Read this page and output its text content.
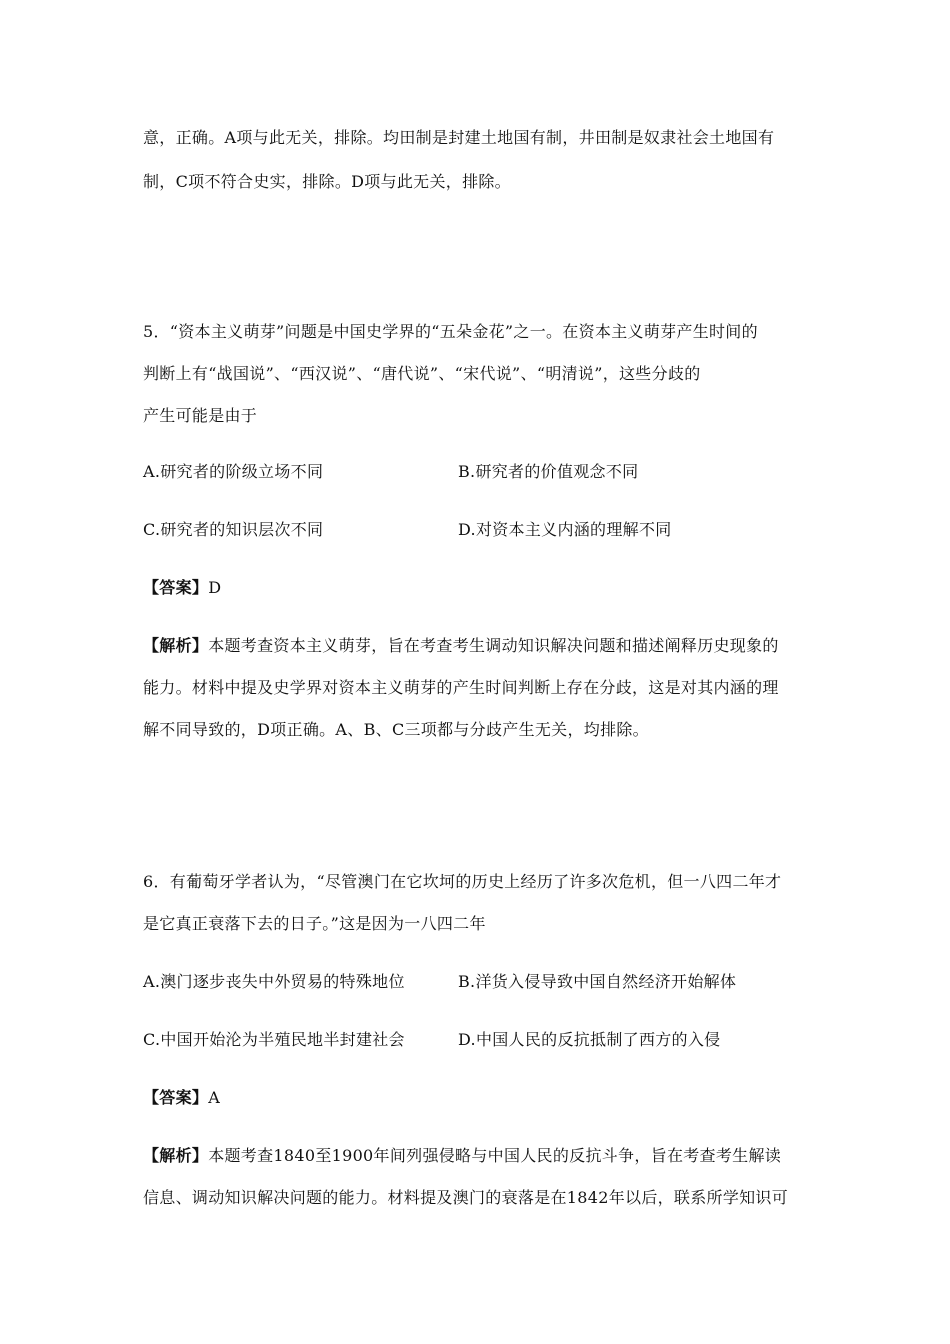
意，正确。A项与此无关，排除。均田制是封建土地国有制，井田制是奴隶社会土地国有
制，C项不符合史实，排除。D项与此无关，排除。
5．“资本主义萌芽”问题是中国史学界的“五朵金花”之一。在资本主义萌芽产生时间的
判断上有“战国说”、“西汉说”、“唐代说”、“宋代说”、“明清说”，这些分歧的
产生可能是由于
A.研究者的阶级立场不同	B.研究者的价值观念不同
C.研究者的知识层次不同	D.对资本主义内涵的理解不同
【答案】D
【解析】本题考查资本主义萌芽，旨在考查考生调动知识解决问题和描述阐释历史现象的
能力。材料中提及史学界对资本主义萌芽的产生时间判断上存在分歧，这是对其内涵的理
解不同导致的，D项正确。A、B、C三项都与分歧产生无关，均排除。
6．有葡萄牙学者认为，“尽管澳门在它坎坷的历史上经历了许多次危机，但一八四二年才
是它真正衰落下去的日子。”这是因为一八四二年
A.澳门逐步丧失中外贸易的特殊地位	B.洋货入侵导致中国自然经济开始解体
C.中国开始沦为半殖民地半封建社会	D.中国人民的反抗抵制了西方的入侵
【答案】A
【解析】本题考查1840至1900年间列强侵略与中国人民的反抗斗争，旨在考查考生解读
信息、调动知识解决问题的能力。材料提及澳门的衰落是在1842年以后，联系所学知识可
